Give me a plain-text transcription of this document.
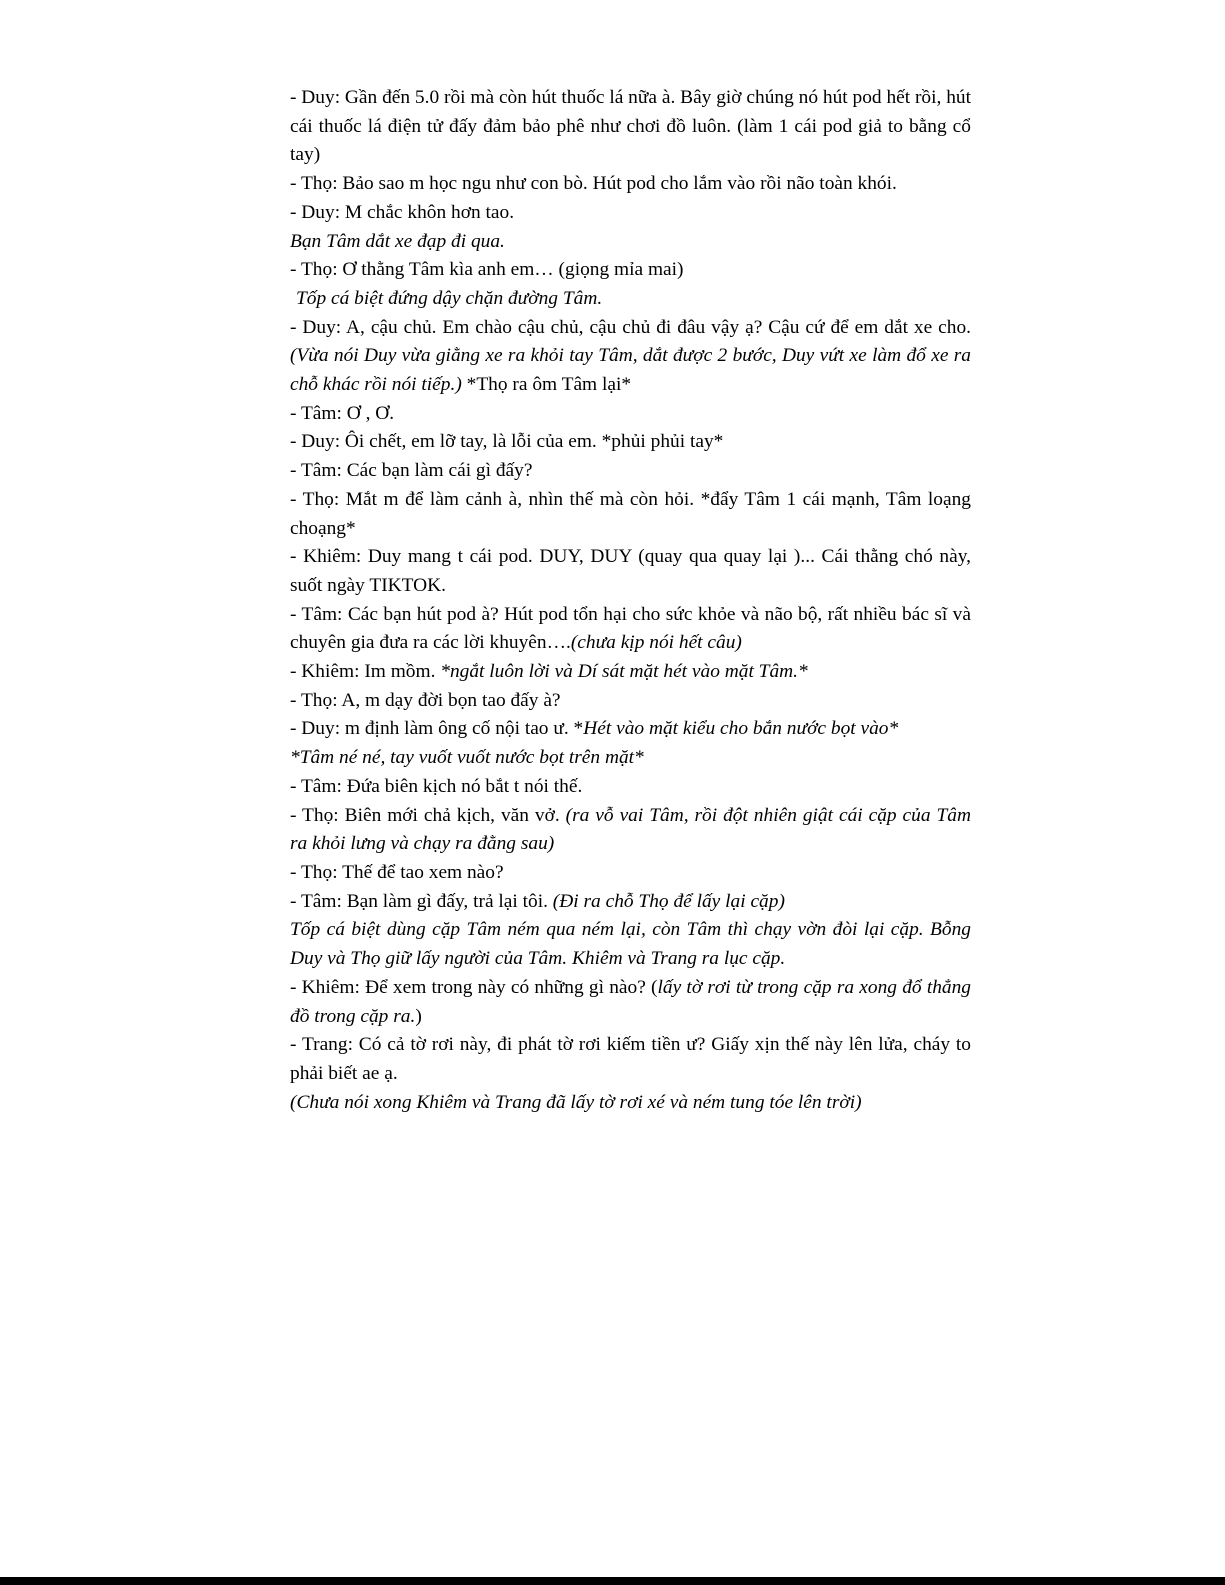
- Duy: Gần đến 5.0 rồi mà còn hút thuốc lá nữa à. Bây giờ chúng nó hút pod hết rồi, hút cái thuốc lá điện tử đấy đảm bảo phê như chơi đồ luôn. (làm 1 cái pod giả to bằng cổ tay)

- Thọ: Bảo sao m học ngu như con bò. Hút pod cho lắm vào rồi não toàn khói.

- Duy: M chắc khôn hơn tao.

Bạn Tâm dắt xe đạp đi qua.

- Thọ: Ơ thằng Tâm kìa anh em… (giọng mỉa mai)

Tốp cá biệt đứng dậy chặn đường Tâm.

- Duy: A, cậu chủ. Em chào cậu chủ, cậu chủ đi đâu vậy ạ? Cậu cứ để em dắt xe cho. (Vừa nói Duy vừa giằng xe ra khỏi tay Tâm, dắt được 2 bước, Duy vứt xe làm đổ xe ra chỗ khác rồi nói tiếp.) *Thọ ra ôm Tâm lại*

- Tâm: Ơ , Ơ.

- Duy: Ôi chết, em lỡ tay, là lỗi của em. *phủi phủi tay*

- Tâm: Các bạn làm cái gì đấy?

- Thọ: Mắt m để làm cảnh à, nhìn thế mà còn hỏi. *đẩy Tâm 1 cái mạnh, Tâm loạng choạng*

- Khiêm: Duy mang t cái pod. DUY, DUY (quay qua quay lại )... Cái thằng chó này, suốt ngày TIKTOK.

- Tâm: Các bạn hút pod à? Hút pod tổn hại cho sức khỏe và não bộ, rất nhiều bác sĩ và chuyên gia đưa ra các lời khuyên….(chưa kịp nói hết câu)

- Khiêm: Im mồm. *ngắt luôn lời và Dí sát mặt hét vào mặt Tâm.*

- Thọ: A, m dạy đời bọn tao đấy à?

- Duy: m định làm ông cố nội tao ư. *Hét vào mặt kiểu cho bắn nước bọt vào*

*Tâm né né, tay vuốt vuốt nước bọt trên mặt*

- Tâm: Đứa biên kịch nó bắt t nói thế.

- Thọ: Biên mới chả kịch, văn vở. (ra vỗ vai Tâm, rồi đột nhiên giật cái cặp của Tâm ra khỏi lưng và chạy ra đằng sau)

- Thọ: Thế để tao xem nào?

- Tâm: Bạn làm gì đấy, trả lại tôi. (Đi ra chỗ Thọ để lấy lại cặp)

Tốp cá biệt dùng cặp Tâm ném qua ném lại, còn Tâm thì chạy vờn đòi lại cặp. Bỗng Duy và Thọ giữ lấy người của Tâm. Khiêm và Trang ra lục cặp.

- Khiêm: Để xem trong này có những gì nào? (lấy tờ rơi từ trong cặp ra xong đổ thẳng đồ trong cặp ra.)

- Trang: Có cả tờ rơi này, đi phát tờ rơi kiếm tiền ư? Giấy xịn thế này lên lửa, cháy to phải biết ae ạ.

(Chưa nói xong Khiêm và Trang đã lấy tờ rơi xé và ném tung tóe lên trời)
